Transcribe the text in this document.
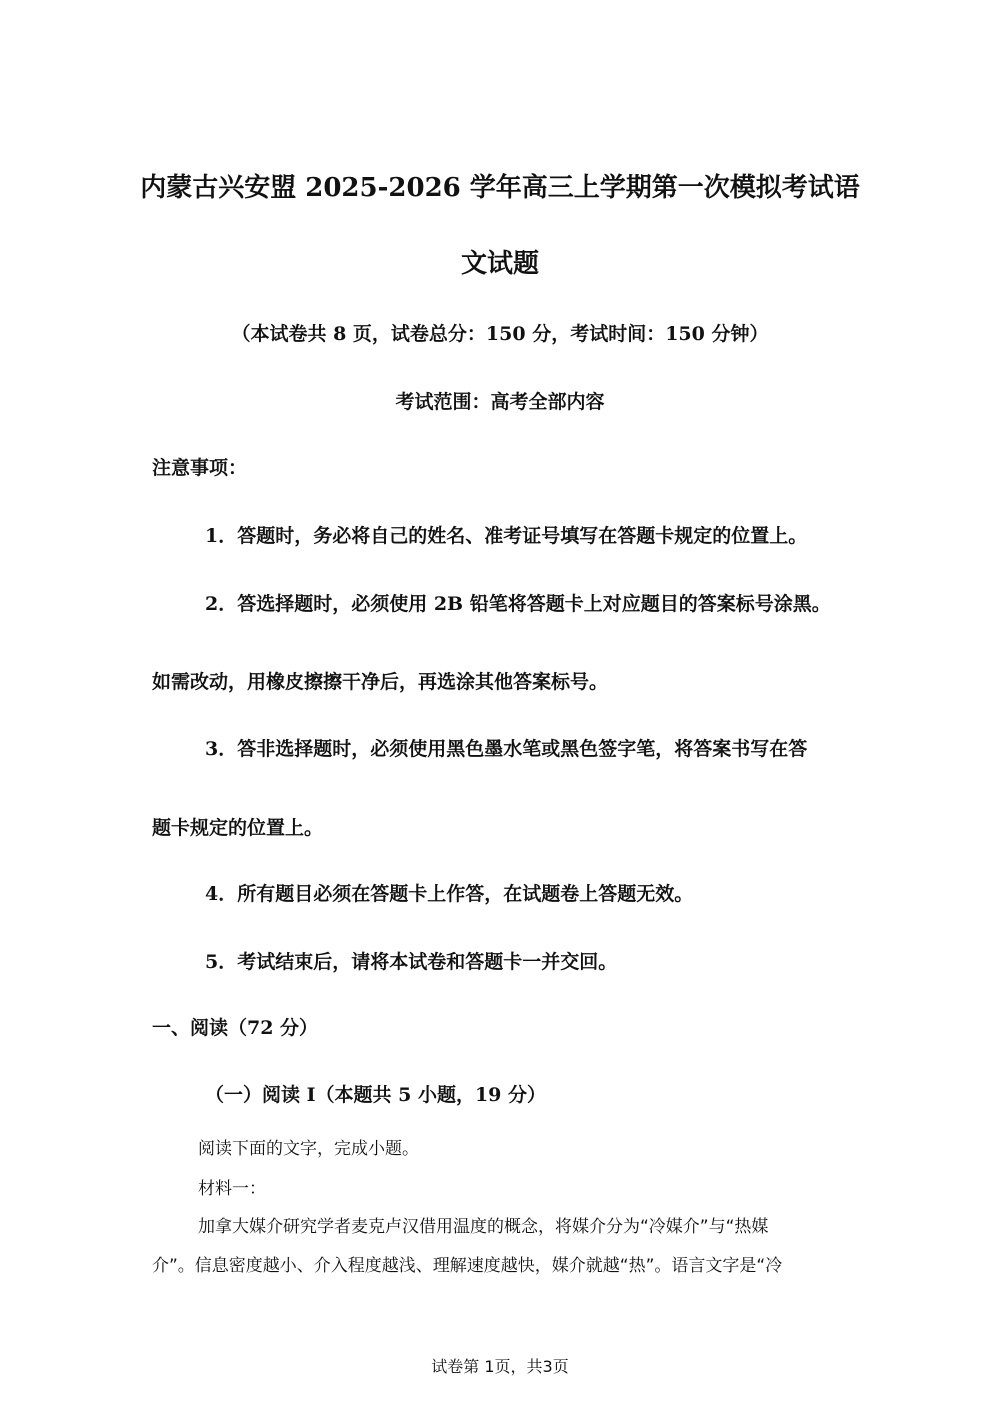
内蒙古兴安盟 2025-2026 学年高三上学期第一次模拟考试语
文试题

（本试卷共 8 页，试卷总分：150 分，考试时间：150 分钟）

考试范围：高考全部内容

注意事项：

1．答题时，务必将自己的姓名、准考证号填写在答题卡规定的位置上。

2．答选择题时，必须使用 2B 铅笔将答题卡上对应题目的答案标号涂黑。

如需改动，用橡皮擦擦干净后，再选涂其他答案标号。

3．答非选择题时，必须使用黑色墨水笔或黑色签字笔，将答案书写在答

题卡规定的位置上。

4．所有题目必须在答题卡上作答，在试题卷上答题无效。

5．考试结束后，请将本试卷和答题卡一并交回。

一、阅读（72 分）
（一）阅读 I（本题共 5 小题，19 分）

阅读下面的文字，完成小题。

材料一：

加拿大媒介研究学者麦克卢汉借用温度的概念，将媒介分为“冷媒介”与“热媒

介”。信息密度越小、介入程度越浅、理解速度越快，媒介就越“热”。语言文字是“冷

试卷第 1页，共3页
